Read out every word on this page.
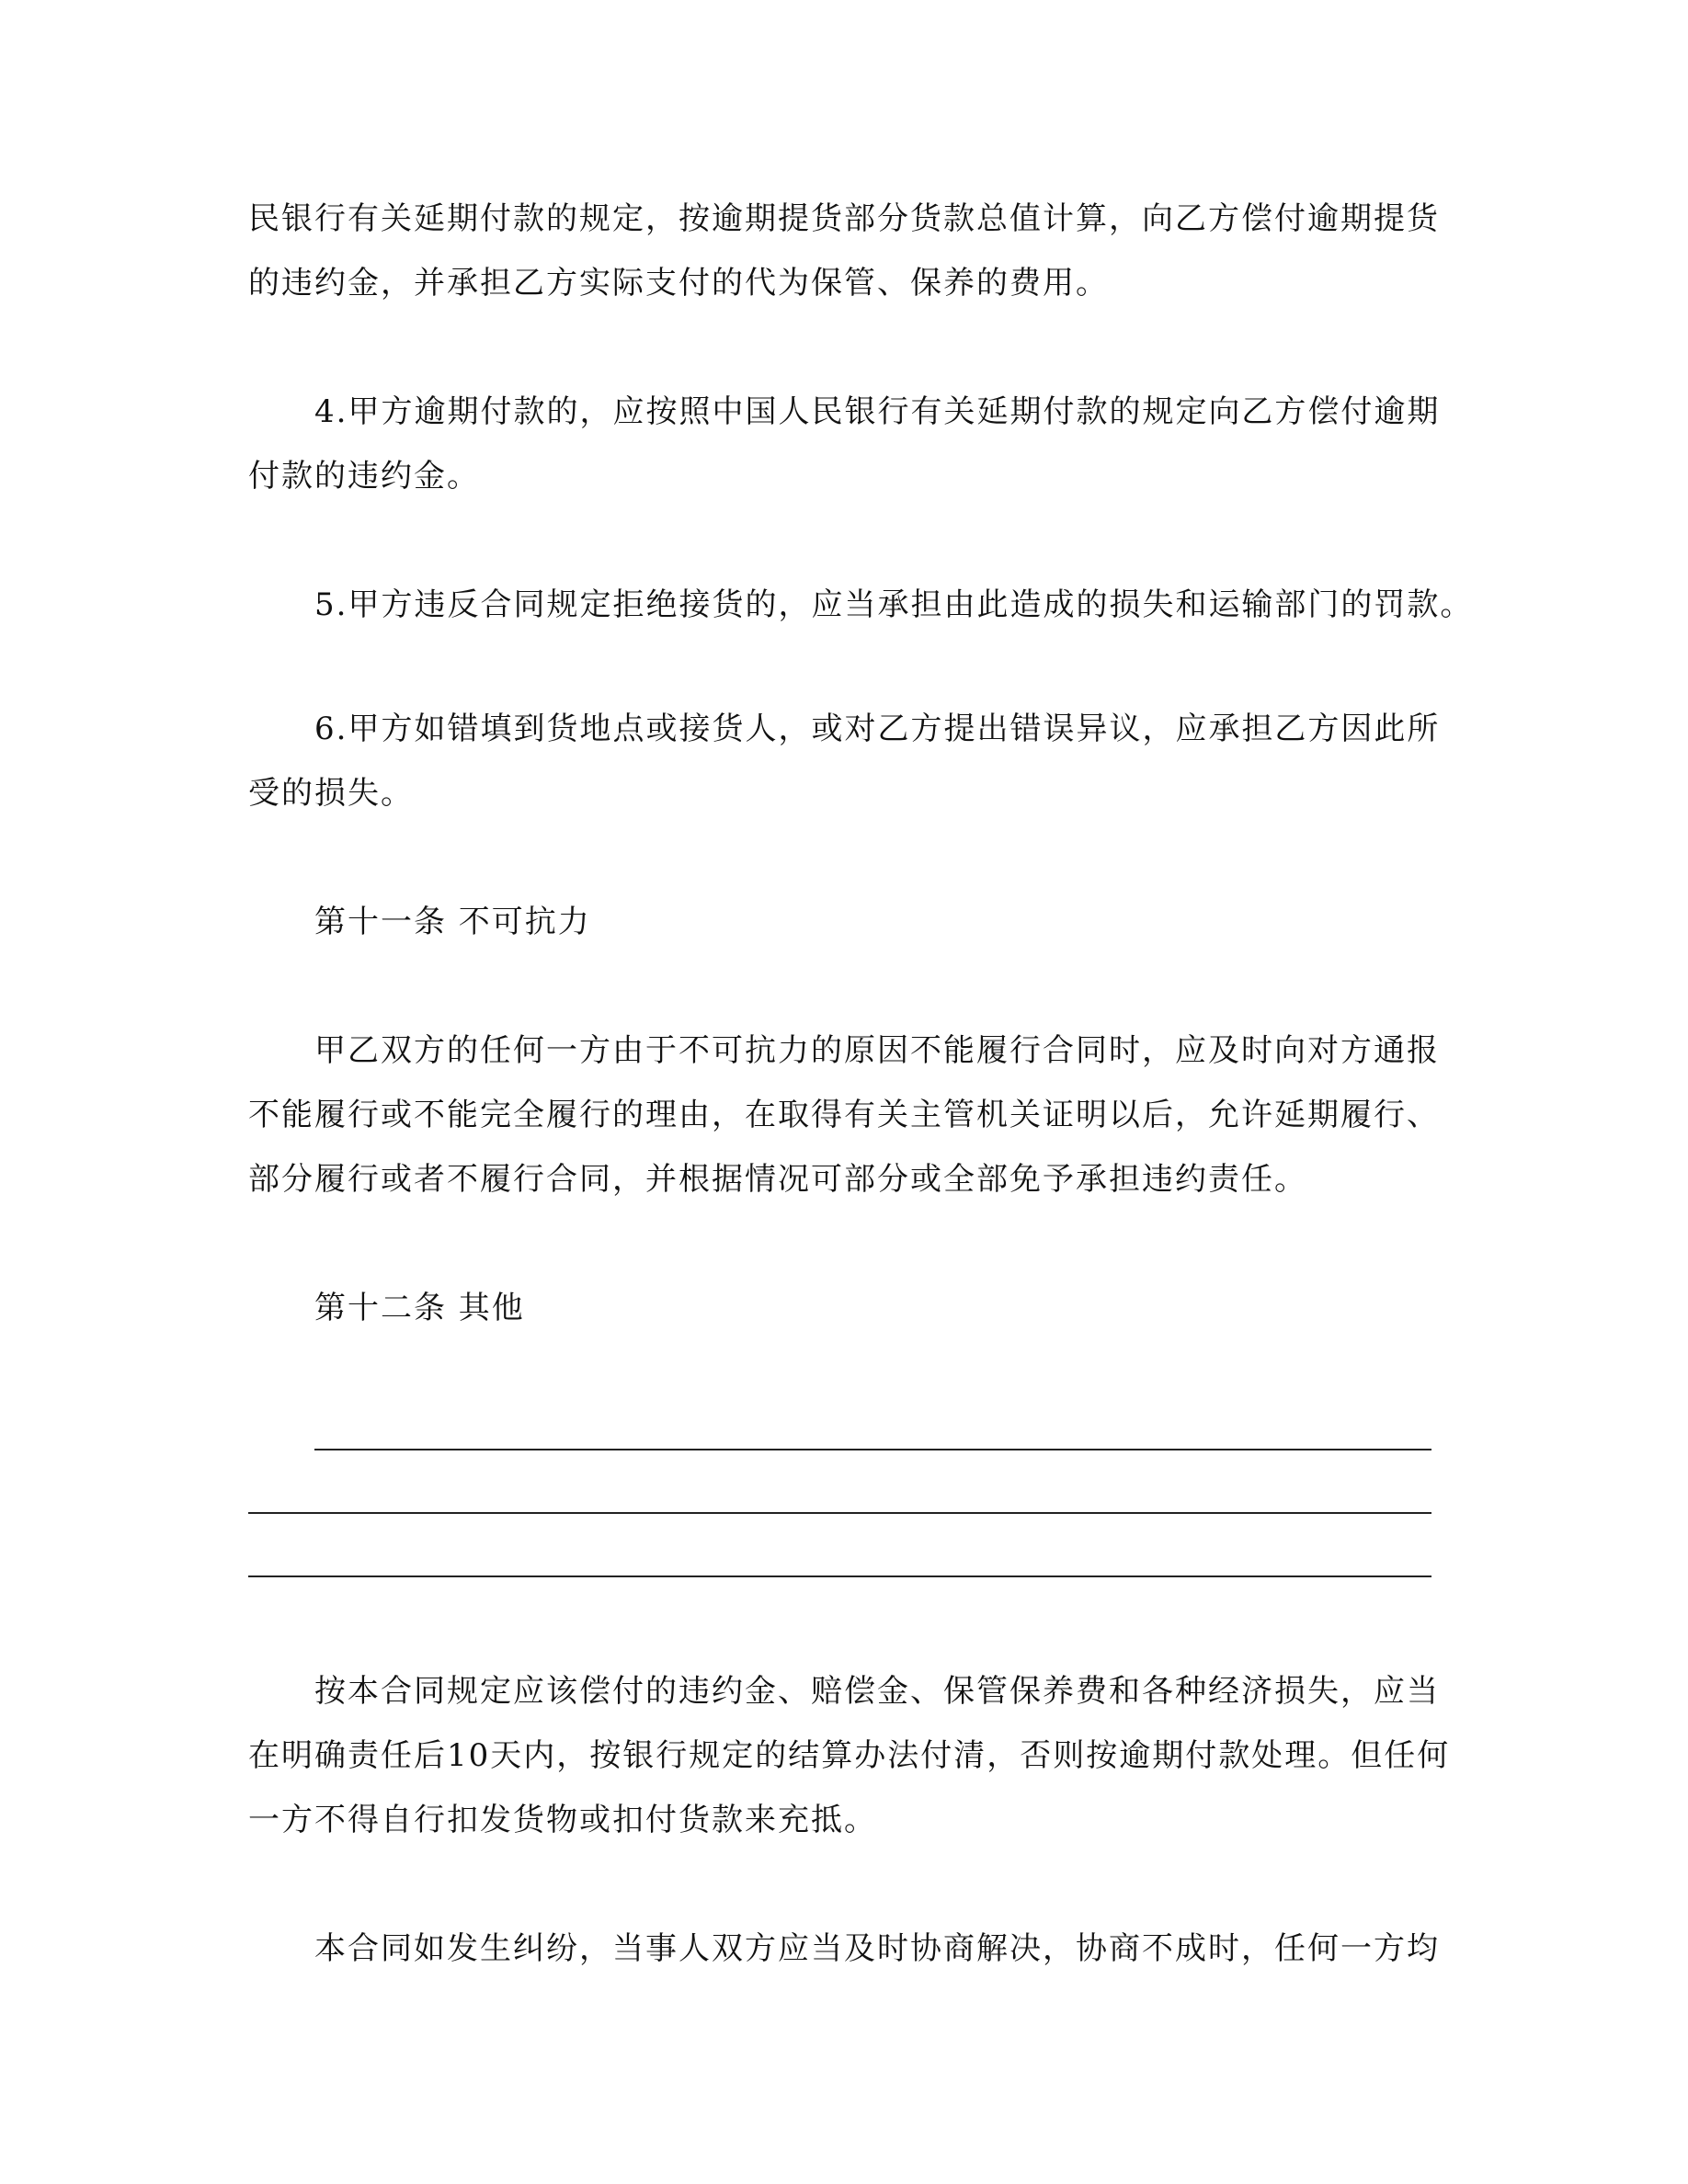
民银行有关延期付款的规定，按逾期提货部分货款总值计算，向乙方偿付逾期提货

的违约金，并承担乙方实际支付的代为保管、保养的费用。

4.甲方逾期付款的，应按照中国人民银行有关延期付款的规定向乙方偿付逾期

付款的违约金。

5.甲方违反合同规定拒绝接货的，应当承担由此造成的损失和运输部门的罚款。

6.甲方如错填到货地点或接货人，或对乙方提出错误异议，应承担乙方因此所

受的损失。

第十一条 不可抗力

甲乙双方的任何一方由于不可抗力的原因不能履行合同时，应及时向对方通报

不能履行或不能完全履行的理由，在取得有关主管机关证明以后，允许延期履行、

部分履行或者不履行合同，并根据情况可部分或全部免予承担违约责任。

第十二条 其他

按本合同规定应该偿付的违约金、赔偿金、保管保养费和各种经济损失，应当

在明确责任后10天内，按银行规定的结算办法付清，否则按逾期付款处理。但任何

一方不得自行扣发货物或扣付货款来充抵。

本合同如发生纠纷，当事人双方应当及时协商解决，协商不成时，任何一方均
